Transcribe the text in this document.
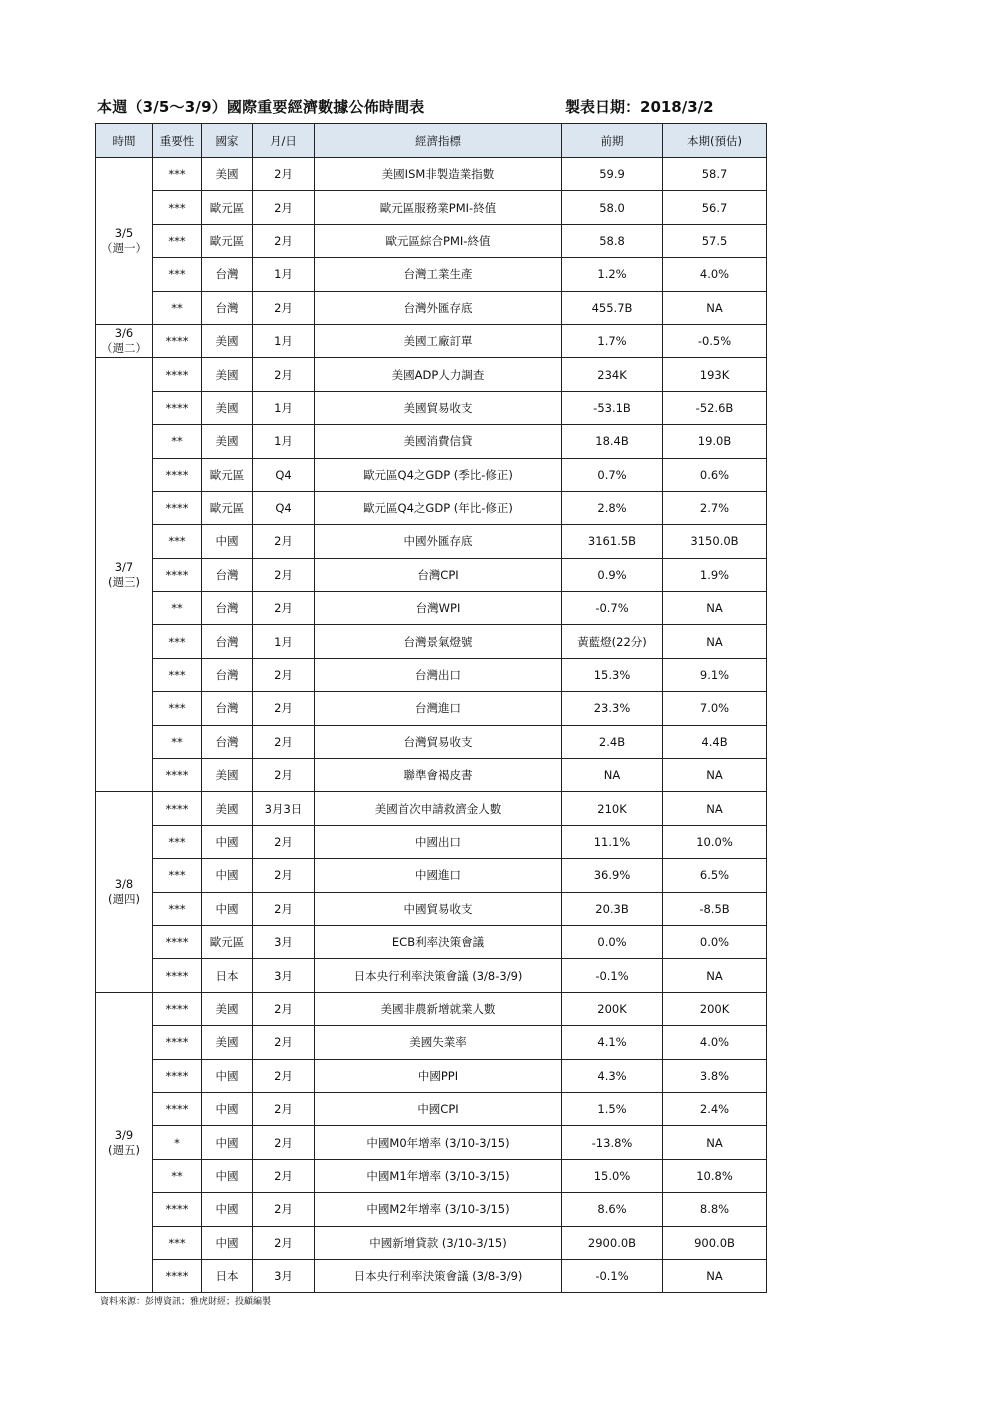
本週（3/5～3/9）國際重要經濟數據公佈時間表	製表日期：2018/3/2
時間	重要性	國家	月/日	經濟指標	前期	本期(預估)

3/5
（週一）	***	美國	2月	美國ISM非製造業指數	59.9	58.7
	***	歐元區	2月	歐元區服務業PMI-終值	58.0	56.7
	***	歐元區	2月	歐元區綜合PMI-終值	58.8	57.5
	***	台灣	1月	台灣工業生產	1.2%	4.0%
	**	台灣	2月	台灣外匯存底	455.7B	NA

3/6
（週二）	****	美國	1月	美國工廠訂單	1.7%	-0.5%

3/7
(週三)	****	美國	2月	美國ADP人力調查	234K	193K
	****	美國	1月	美國貿易收支	-53.1B	-52.6B
	**	美國	1月	美國消費信貸	18.4B	19.0B
	****	歐元區	Q4	歐元區Q4之GDP (季比-修正)	0.7%	0.6%
	****	歐元區	Q4	歐元區Q4之GDP (年比-修正)	2.8%	2.7%
	***	中國	2月	中國外匯存底	3161.5B	3150.0B
	****	台灣	2月	台灣CPI	0.9%	1.9%
	**	台灣	2月	台灣WPI	-0.7%	NA
	***	台灣	1月	台灣景氣燈號	黃藍燈(22分)	NA
	***	台灣	2月	台灣出口	15.3%	9.1%
	***	台灣	2月	台灣進口	23.3%	7.0%
	**	台灣	2月	台灣貿易收支	2.4B	4.4B
	****	美國	2月	聯準會褐皮書	NA	NA

3/8
(週四)	****	美國	3月3日	美國首次申請救濟金人數	210K	NA
	***	中國	2月	中國出口	11.1%	10.0%
	***	中國	2月	中國進口	36.9%	6.5%
	***	中國	2月	中國貿易收支	20.3B	-8.5B
	****	歐元區	3月	ECB利率決策會議	0.0%	0.0%
	****	日本	3月	日本央行利率決策會議 (3/8-3/9)	-0.1%	NA

3/9
(週五)	****	美國	2月	美國非農新增就業人數	200K	200K
	****	美國	2月	美國失業率	4.1%	4.0%
	****	中國	2月	中國PPI	4.3%	3.8%
	****	中國	2月	中國CPI	1.5%	2.4%
	*	中國	2月	中國M0年增率 (3/10-3/15)	-13.8%	NA
	**	中國	2月	中國M1年增率 (3/10-3/15)	15.0%	10.8%
	****	中國	2月	中國M2年增率 (3/10-3/15)	8.6%	8.8%
	***	中國	2月	中國新增貸款 (3/10-3/15)	2900.0B	900.0B
	****	日本	3月	日本央行利率決策會議 (3/8-3/9)	-0.1%	NA
資料來源：彭博資訊；雅虎財經；投顧編製
